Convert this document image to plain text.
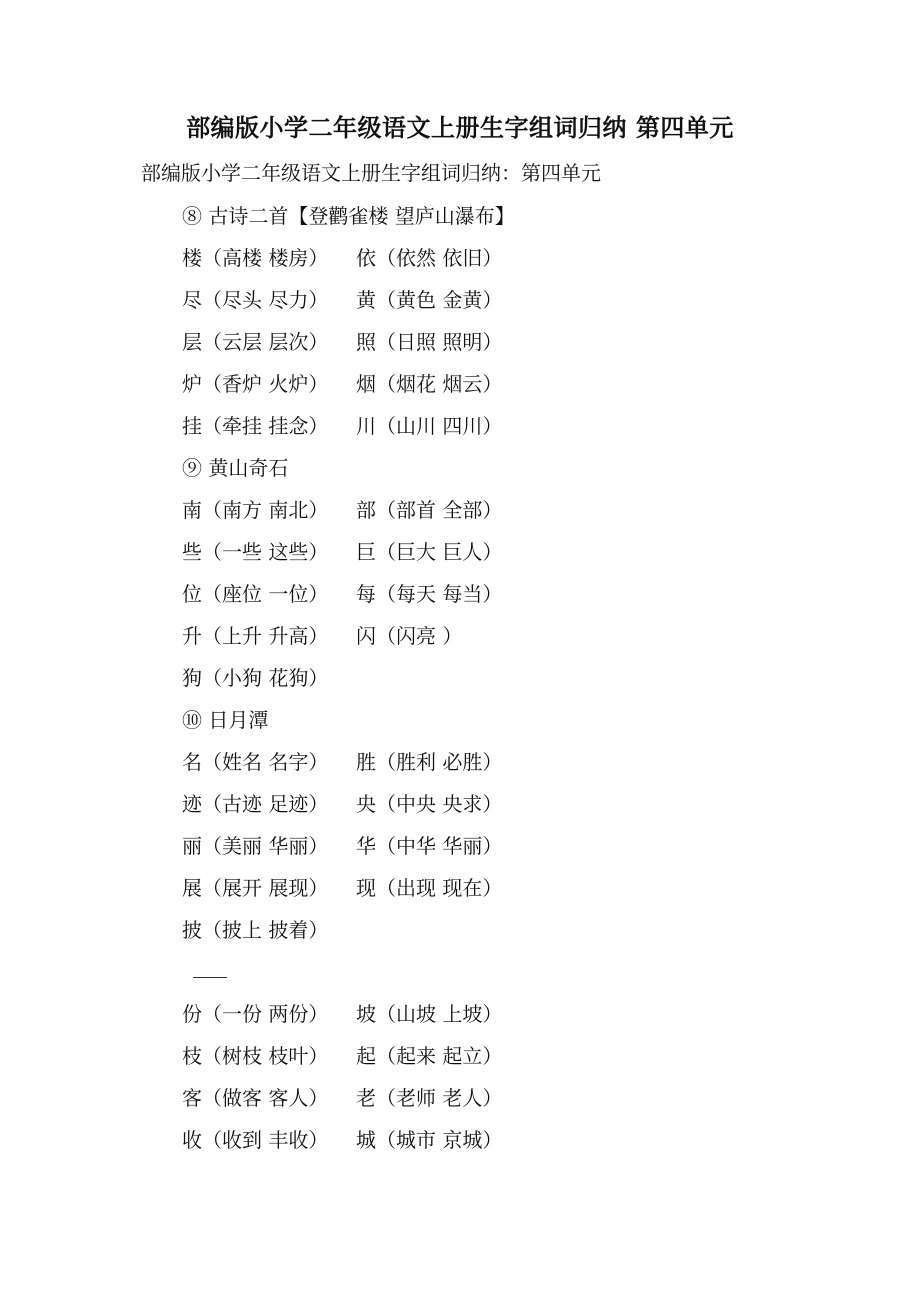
部编版小学二年级语文上册生字组词归纳 第四单元
部编版小学二年级语文上册生字组词归纳：第四单元
⑧ 古诗二首【登鹳雀楼 望庐山瀑布】
楼（高楼 楼房） 依（依然 依旧）
尽（尽头 尽力） 黄（黄色 金黄）
层（云层 层次） 照（日照 照明）
炉（香炉 火炉） 烟（烟花 烟云）
挂（牵挂 挂念） 川（山川 四川）
⑨ 黄山奇石
南（南方 南北） 部（部首 全部）
些（一些 这些） 巨（巨大 巨人）
位（座位 一位） 每（每天 每当）
升（上升 升高） 闪（闪亮 ）
狗（小狗 花狗）
⑩ 日月潭
名（姓名 名字） 胜（胜利 必胜）
迹（古迹 足迹） 央（中央 央求）
丽（美丽 华丽） 华（中华 华丽）
展（展开 展现） 现（出现 现在）
披（披上 披着）
份（一份 两份） 坡（山坡 上坡）
枝（树枝 枝叶） 起（起来 起立）
客（做客 客人） 老（老师 老人）
收（收到 丰收） 城（城市 京城）
